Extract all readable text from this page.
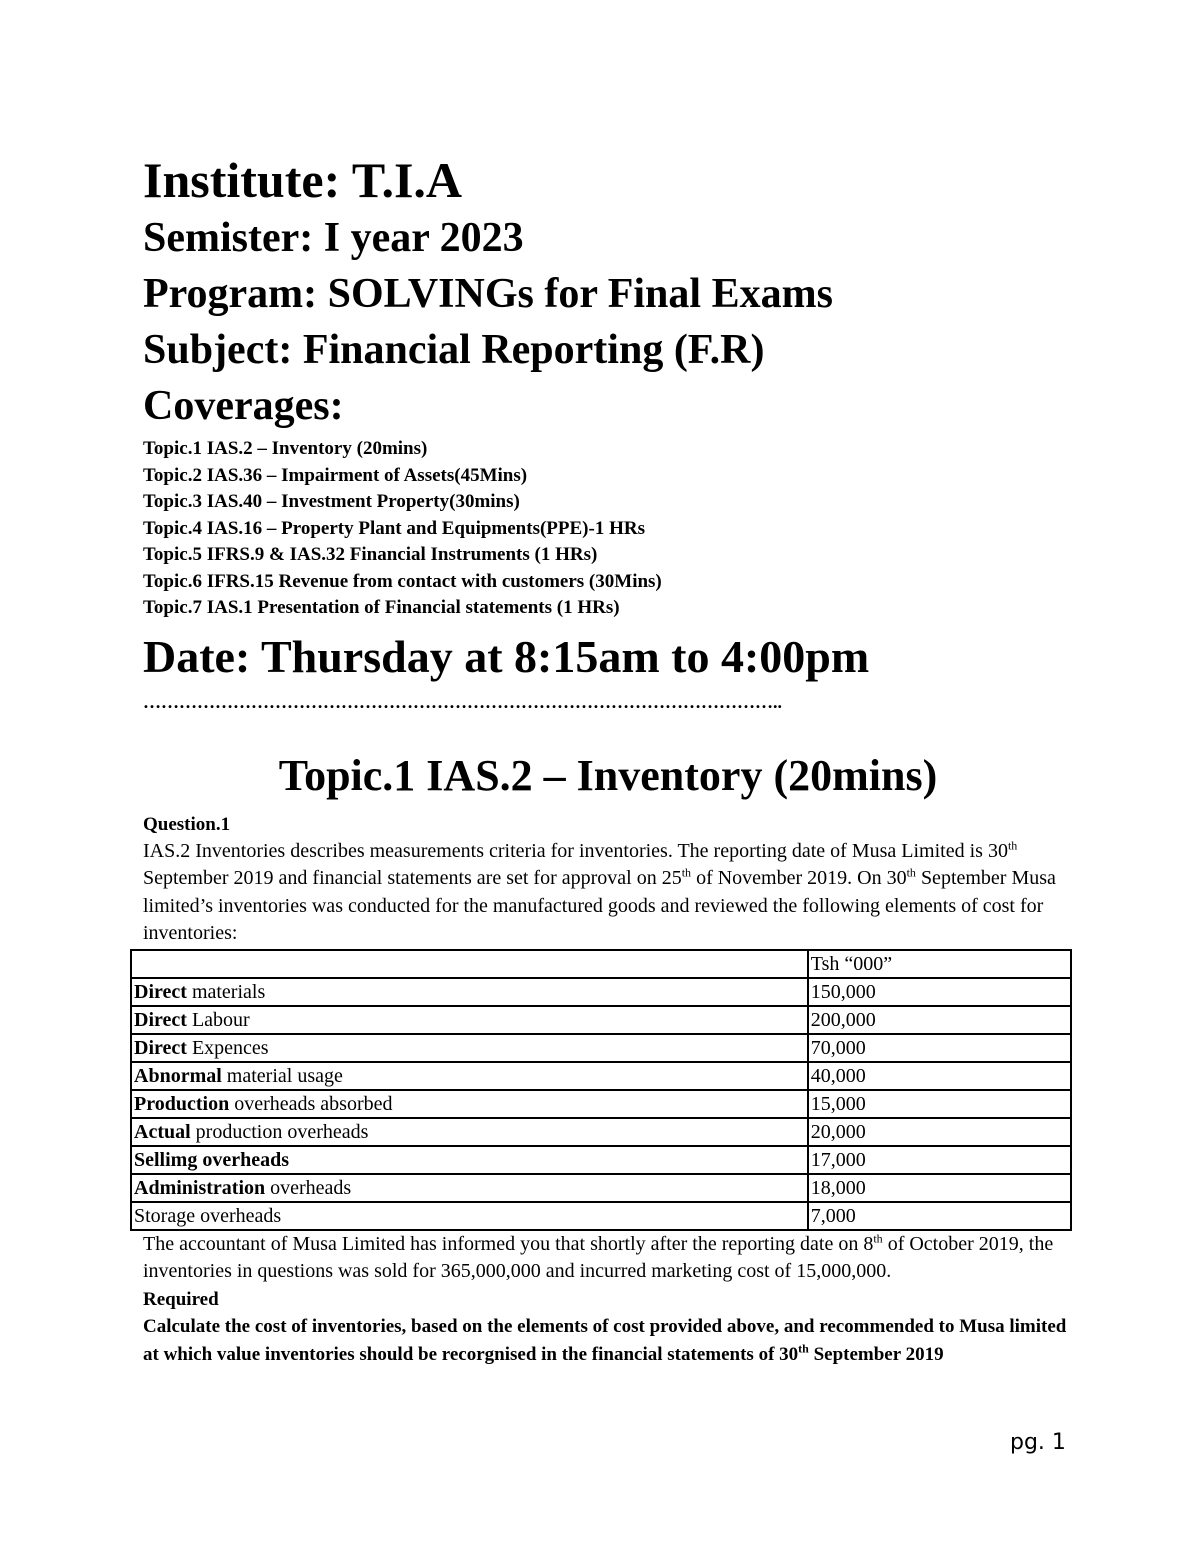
Institute: T.I.A
Semister: I year 2023
Program: SOLVINGs for Final Exams
Subject: Financial Reporting (F.R)
Coverages:
Topic.1 IAS.2 – Inventory (20mins)
Topic.2 IAS.36 – Impairment of Assets(45Mins)
Topic.3 IAS.40 – Investment Property(30mins)
Topic.4 IAS.16 – Property Plant and Equipments(PPE)-1 HRs
Topic.5 IFRS.9 & IAS.32 Financial Instruments (1 HRs)
Topic.6 IFRS.15 Revenue from contact with customers (30Mins)
Topic.7 IAS.1 Presentation of Financial statements (1 HRs)
Date: Thursday at 8:15am to 4:00pm
……………………………………………………………………………………………..
Topic.1 IAS.2 – Inventory (20mins)
Question.1

IAS.2 Inventories describes measurements criteria for inventories. The reporting date of Musa Limited is 30th September 2019 and financial statements are set for approval on 25th of November 2019. On 30th September Musa limited’s inventories was conducted for the manufactured goods and reviewed the following elements of cost for inventories:

	Tsh “000”
Direct materials	150,000
Direct Labour	200,000
Direct Expences	70,000
Abnormal material usage	40,000
Production overheads absorbed	15,000
Actual production overheads	20,000
Sellimg overheads	17,000
Administration overheads	18,000
Storage overheads	7,000

The accountant of Musa Limited has informed you that shortly after the reporting date on 8th of October 2019, the inventories in questions was sold for 365,000,000 and incurred marketing cost of 15,000,000.

Required

Calculate the cost of inventories, based on the elements of cost provided above, and recommended to Musa limited at which value inventories should be recorgnised in the financial statements of 30th September 2019

pg. 1
